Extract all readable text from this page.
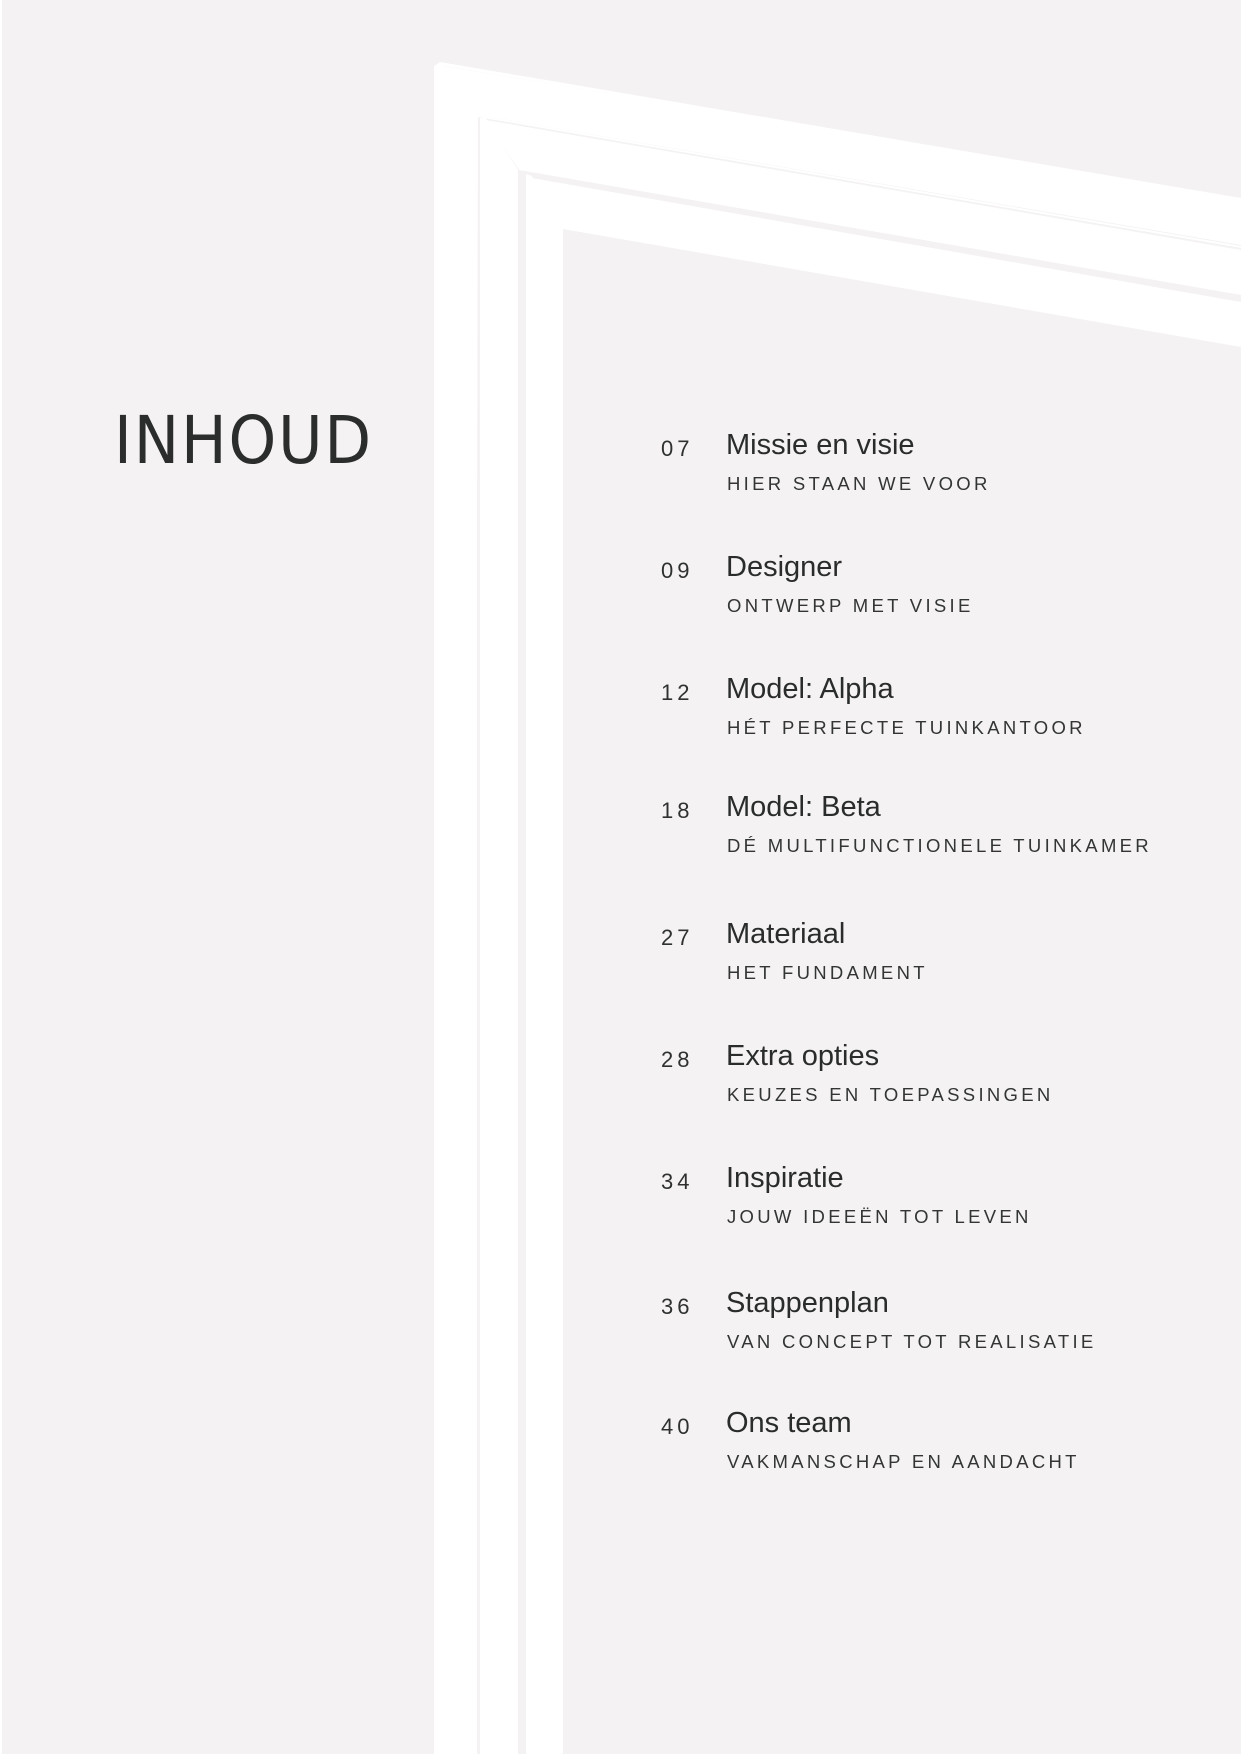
INHOUD	07 Missie en visie
HIER STAAN WE VOOR
09 Designer
ONTWERP MET VISIE
12 Model: Alpha
HÉT PERFECTE TUINKANTOOR
18 Model: Beta
DÉ MULTIFUNCTIONELE TUINKAMER
27 Materiaal
HET FUNDAMENT
28 Extra opties
KEUZES EN TOEPASSINGEN
34 Inspiratie
JOUW IDEEËN TOT LEVEN
36 Stappenplan
VAN CONCEPT TOT REALISATIE
40 Ons team
VAKMANSCHAP EN AANDACHT
